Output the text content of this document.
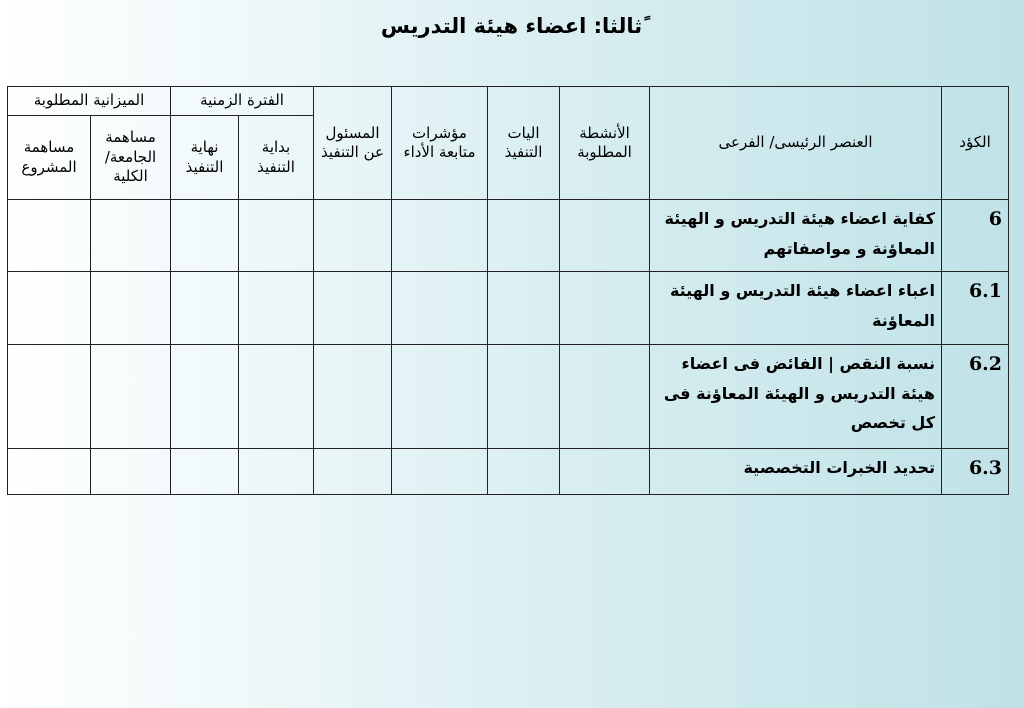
ًثالثا: اعضاء هيئة التدريس
الكؤد	العنصر الرئيسى/ الفرعى	الأنشطة المطلوبة	اليات التنفيذ	مؤشرات متابعة الأداء	المسئول عن التنفيذ	الفترة الزمنية		الميزانية المطلوبة	
						بداية التنفيذ	نهاية التنفيذ	مساهمة الجامعة/ الكلية	مساهمة المشروع
6	كفاية اعضاء هيئة التدريس و الهيئة المعاؤنة و مواصفاتهم								
6.1	اعباء اعضاء هيئة التدريس و الهيئة المعاؤنة								
6.2	نسبة النقص | الفائض فى اعضاء هيئة التدريس و الهيئة المعاؤنة فى كل تخصص								
6.3	تحديد الخبرات التخصصية								
